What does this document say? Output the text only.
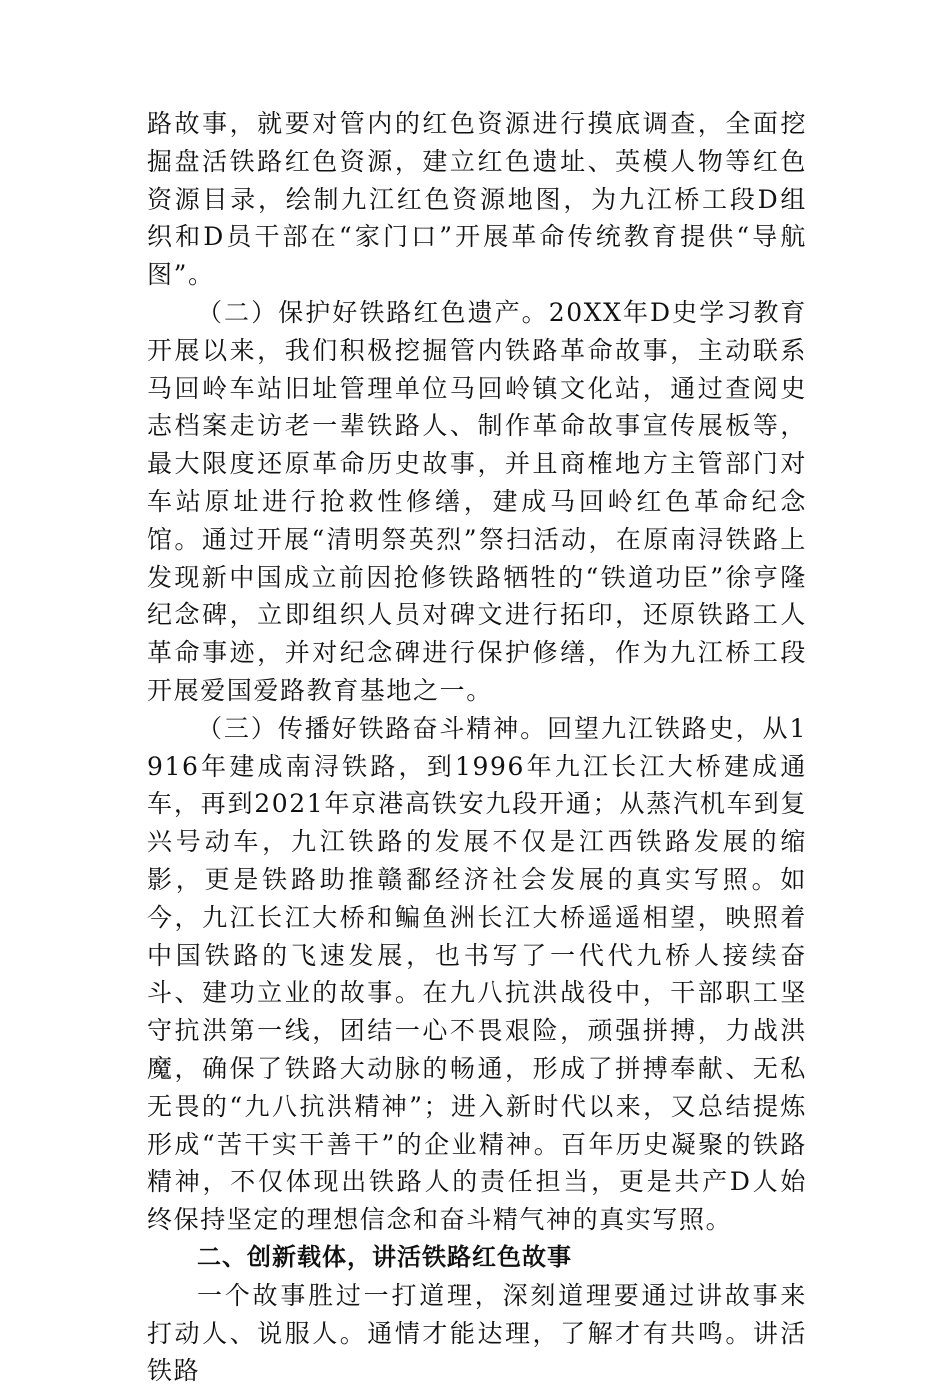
路故事，就要对管内的红色资源进行摸底调查，全面挖掘盘活铁路红色资源，建立红色遗址、英模人物等红色资源目录，绘制九江红色资源地图，为九江桥工段D组织和D员干部在“家门口”开展革命传统教育提供“导航图”。

（二）保护好铁路红色遗产。20XX年D史学习教育开展以来，我们积极挖掘管内铁路革命故事，主动联系马回岭车站旧址管理单位马回岭镇文化站，通过查阅史志档案走访老一辈铁路人、制作革命故事宣传展板等，最大限度还原革命历史故事，并且商榷地方主管部门对车站原址进行抢救性修缮，建成马回岭红色革命纪念馆。通过开展“清明祭英烈”祭扫活动，在原南浔铁路上发现新中国成立前因抢修铁路牺牲的“铁道功臣”徐亨隆纪念碑，立即组织人员对碑文进行拓印，还原铁路工人革命事迹，并对纪念碑进行保护修缮，作为九江桥工段开展爱国爱路教育基地之一。

（三）传播好铁路奋斗精神。回望九江铁路史，从1916年建成南浔铁路，到1996年九江长江大桥建成通车，再到2021年京港高铁安九段开通；从蒸汽机车到复兴号动车，九江铁路的发展不仅是江西铁路发展的缩影，更是铁路助推赣鄱经济社会发展的真实写照。如今，九江长江大桥和鳊鱼洲长江大桥遥遥相望，映照着中国铁路的飞速发展，也书写了一代代九桥人接续奋斗、建功立业的故事。在九八抗洪战役中，干部职工坚守抗洪第一线，团结一心不畏艰险，顽强拼搏，力战洪魔，确保了铁路大动脉的畅通，形成了拼搏奉献、无私无畏的“九八抗洪精神”；进入新时代以来，又总结提炼形成“苦干实干善干”的企业精神。百年历史凝聚的铁路精神，不仅体现出铁路人的责任担当，更是共产D人始终保持坚定的理想信念和奋斗精气神的真实写照。

二、创新载体，讲活铁路红色故事

一个故事胜过一打道理，深刻道理要通过讲故事来打动人、说服人。通情才能达理，了解才有共鸣。讲活铁路
